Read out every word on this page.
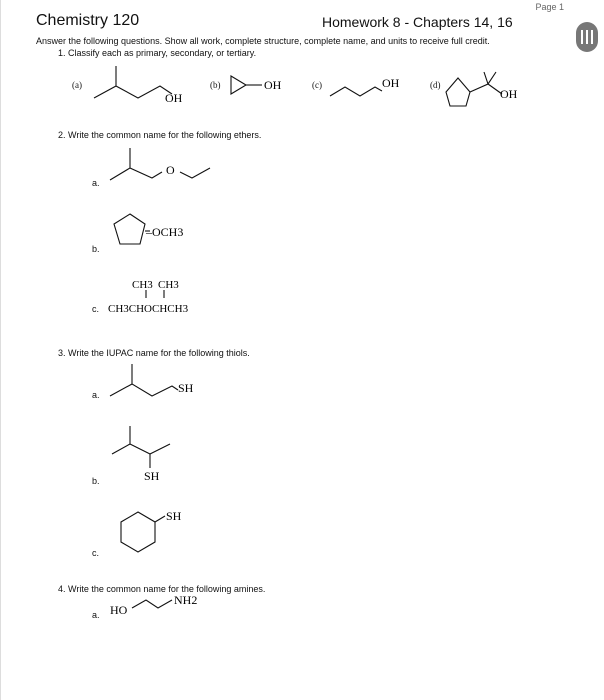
Page 1
Chemistry 120	Homework 8 - Chapters 14, 16
Answer the following questions. Show all work, complete structure, complete name, and units to receive full credit.
1. Classify each as primary, secondary, or tertiary.
(a)	(b)	(c)	(d)
OH
OH	OH
OH
O
–OCH3
CH3 CH3
CH3CHOCHCH3
SH
SH
SH
HO
NH2
2. Write the common name for the following ethers.
a.
b.
c.
3. Write the IUPAC name for the following thiols.
a.
b.
c.
4. Write the common name for the following amines.
a.
